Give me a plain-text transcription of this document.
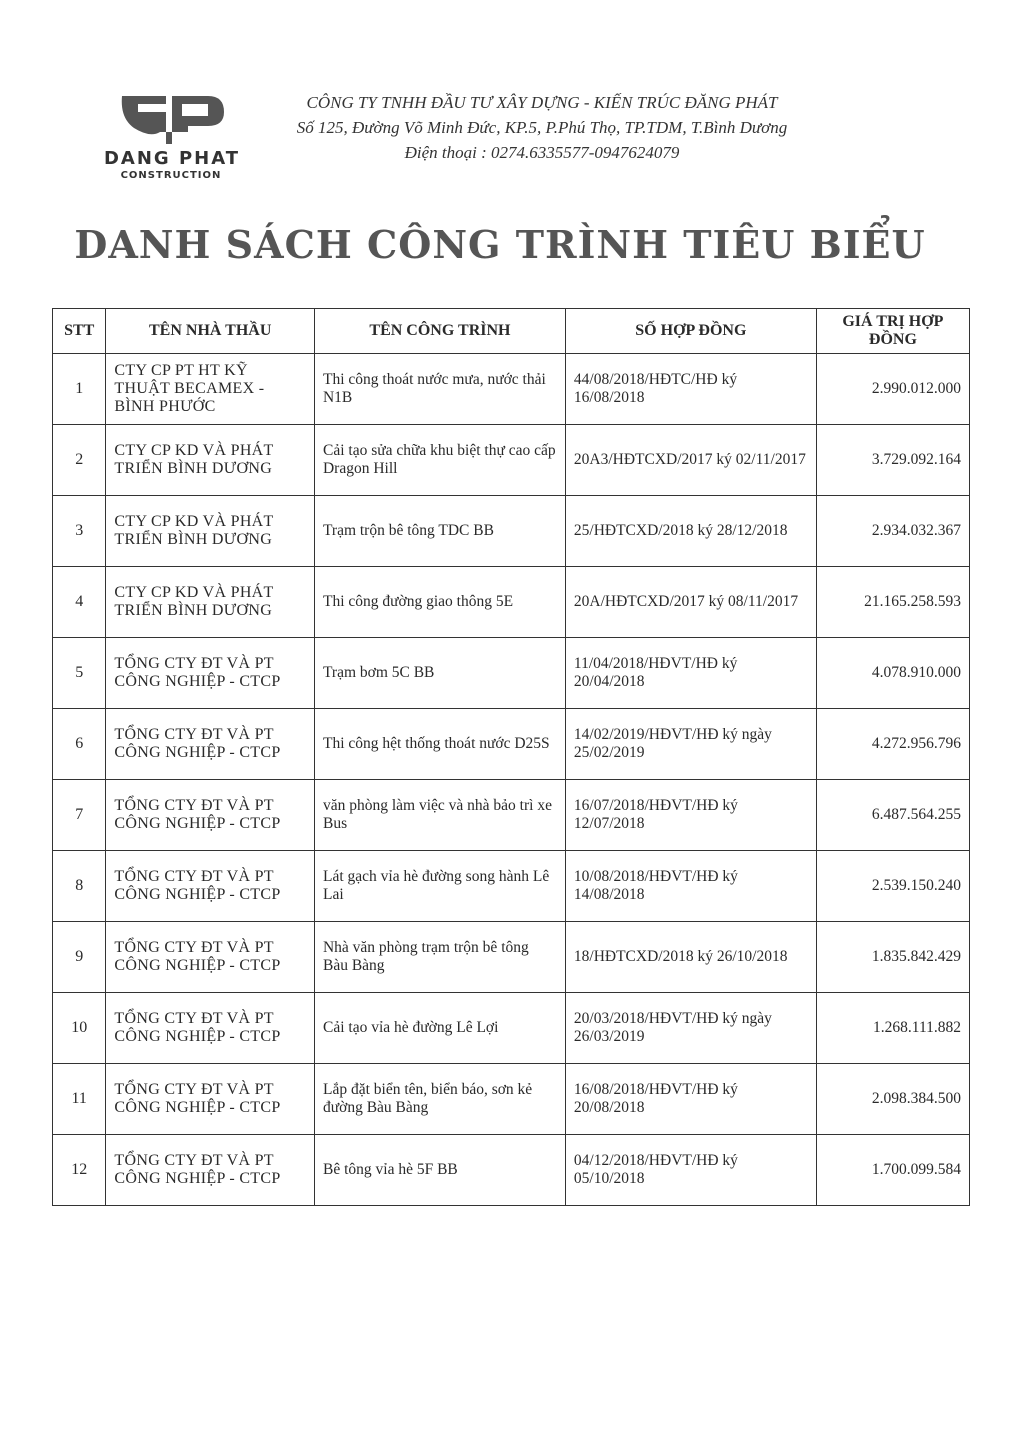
DANG PHAT
CONSTRUCTION
CÔNG TY TNHH ĐẦU TƯ XÂY DỰNG - KIẾN TRÚC ĐĂNG PHÁT
Số 125, Đường Võ Minh Đức, KP.5, P.Phú Thọ, TP.TDM, T.Bình Dương
Điện thoại : 0274.6335577-0947624079
DANH SÁCH CÔNG TRÌNH TIÊU BIỂU
STT	TÊN NHÀ THẦU	TÊN CÔNG TRÌNH	SỐ HỢP ĐỒNG	GIÁ TRỊ HỢP ĐỒNG
1	CTY CP PT HT KỸ THUẬT BECAMEX - BÌNH PHƯỚC	Thi công thoát nước mưa, nước thải N1B	44/08/2018/HĐTC/HĐ ký 16/08/2018	2.990.012.000
2	CTY CP KD VÀ PHÁT TRIỂN BÌNH DƯƠNG	Cải tạo sửa chữa khu biệt thự cao cấp Dragon Hill	20A3/HĐTCXD/2017 ký 02/11/2017	3.729.092.164
3	CTY CP KD VÀ PHÁT TRIỂN BÌNH DƯƠNG	Trạm trộn bê tông TDC BB	25/HĐTCXD/2018 ký 28/12/2018	2.934.032.367
4	CTY CP KD VÀ PHÁT TRIỂN BÌNH DƯƠNG	Thi công đường giao thông 5E	20A/HĐTCXD/2017 ký 08/11/2017	21.165.258.593
5	TỔNG CTY ĐT VÀ PT CÔNG NGHIỆP - CTCP	Trạm bơm 5C BB	11/04/2018/HĐVT/HĐ ký 20/04/2018	4.078.910.000
6	TỔNG CTY ĐT VÀ PT CÔNG NGHIỆP - CTCP	Thi công hệt thống thoát nước D25S	14/02/2019/HĐVT/HĐ ký ngày 25/02/2019	4.272.956.796
7	TỔNG CTY ĐT VÀ PT CÔNG NGHIỆP - CTCP	văn phòng làm việc và nhà bảo trì xe Bus	16/07/2018/HĐVT/HĐ ký 12/07/2018	6.487.564.255
8	TỔNG CTY ĐT VÀ PT CÔNG NGHIỆP - CTCP	Lát gạch vỉa hè đường song hành Lê Lai	10/08/2018/HĐVT/HĐ ký 14/08/2018	2.539.150.240
9	TỔNG CTY ĐT VÀ PT CÔNG NGHIỆP - CTCP	Nhà văn phòng trạm trộn bê tông Bàu Bàng	18/HĐTCXD/2018 ký 26/10/2018	1.835.842.429
10	TỔNG CTY ĐT VÀ PT CÔNG NGHIỆP - CTCP	Cải tạo vỉa hè đường Lê Lợi	20/03/2018/HĐVT/HĐ ký ngày 26/03/2019	1.268.111.882
11	TỔNG CTY ĐT VÀ PT CÔNG NGHIỆP - CTCP	Lắp đặt biển tên, biển báo, sơn kẻ đường Bàu Bàng	16/08/2018/HĐVT/HĐ ký 20/08/2018	2.098.384.500
12	TỔNG CTY ĐT VÀ PT CÔNG NGHIỆP - CTCP	Bê tông vỉa hè 5F BB	04/12/2018/HĐVT/HĐ ký 05/10/2018	1.700.099.584
